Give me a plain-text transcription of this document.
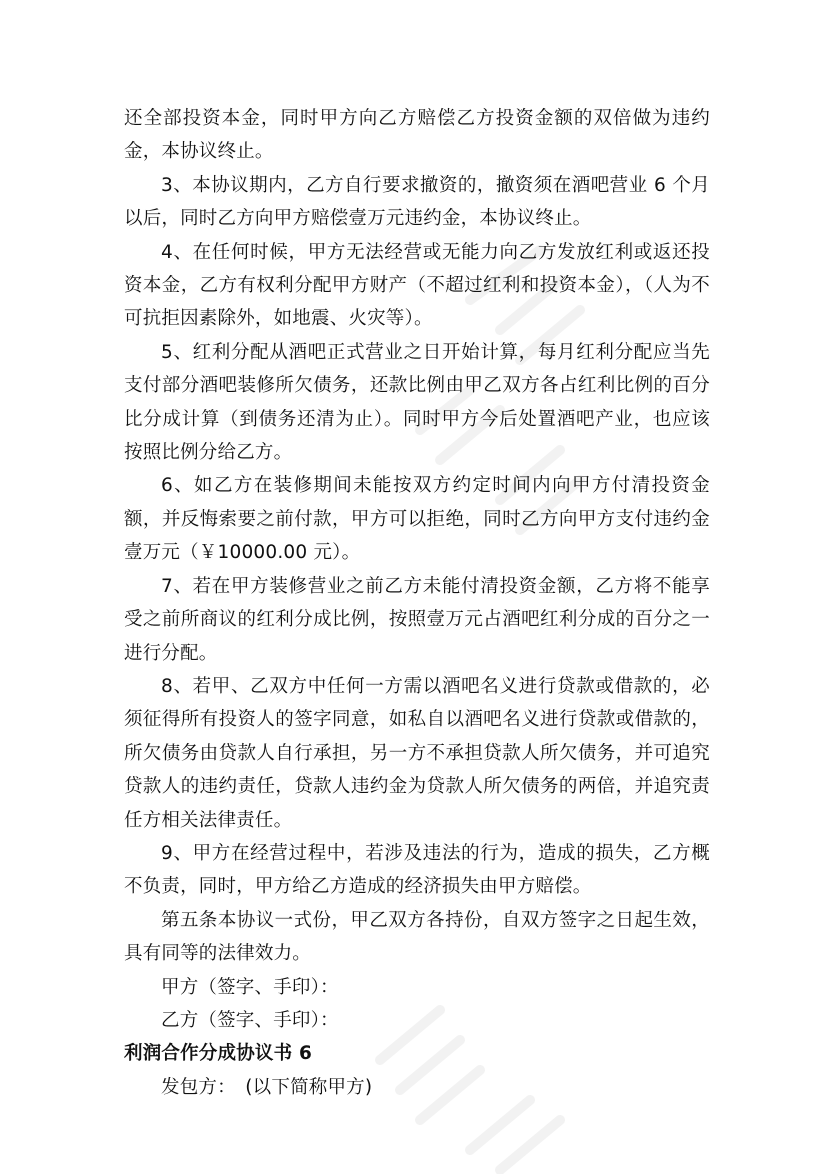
还全部投资本金，同时甲方向乙方赔偿乙方投资金额的双倍做为违约金，本协议终止。

3、本协议期内，乙方自行要求撤资的，撤资须在酒吧营业 6 个月以后，同时乙方向甲方赔偿壹万元违约金，本协议终止。

4、在任何时候，甲方无法经营或无能力向乙方发放红利或返还投资本金，乙方有权利分配甲方财产（不超过红利和投资本金），（人为不可抗拒因素除外，如地震、火灾等）。

5、红利分配从酒吧正式营业之日开始计算，每月红利分配应当先支付部分酒吧装修所欠债务，还款比例由甲乙双方各占红利比例的百分比分成计算（到债务还清为止）。同时甲方今后处置酒吧产业，也应该按照比例分给乙方。

6、如乙方在装修期间未能按双方约定时间内向甲方付清投资金额，并反悔索要之前付款，甲方可以拒绝，同时乙方向甲方支付违约金壹万元（￥10000.00 元）。

7、若在甲方装修营业之前乙方未能付清投资金额，乙方将不能享受之前所商议的红利分成比例，按照壹万元占酒吧红利分成的百分之一进行分配。

8、若甲、乙双方中任何一方需以酒吧名义进行贷款或借款的，必须征得所有投资人的签字同意，如私自以酒吧名义进行贷款或借款的，所欠债务由贷款人自行承担，另一方不承担贷款人所欠债务，并可追究贷款人的违约责任，贷款人违约金为贷款人所欠债务的两倍，并追究责任方相关法律责任。

9、甲方在经营过程中，若涉及违法的行为，造成的损失，乙方概不负责，同时，甲方给乙方造成的经济损失由甲方赔偿。

第五条本协议一式份，甲乙双方各持份，自双方签字之日起生效，具有同等的法律效力。

甲方（签字、手印）：

乙方（签字、手印）：

利润合作分成协议书 6

发包方：　(以下简称甲方)
